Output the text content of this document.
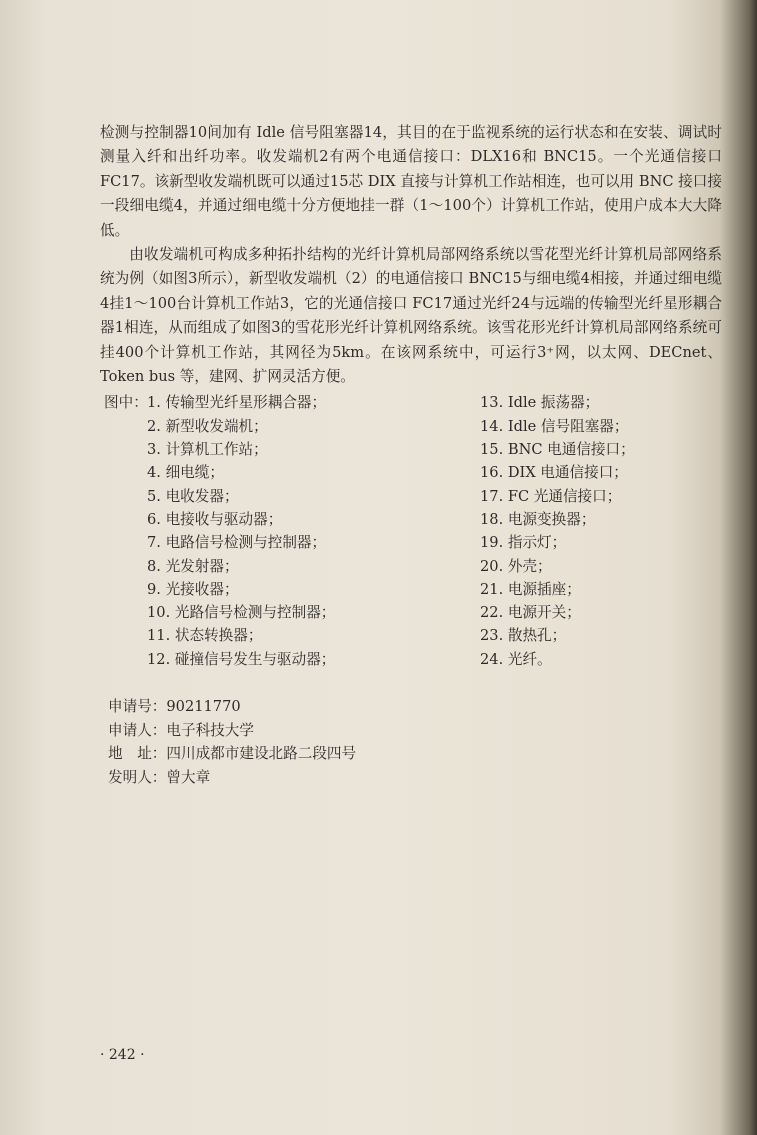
检测与控制器10间加有 Idle 信号阻塞器14，其目的在于监视系统的运行状态和在安装、调试时测量入纤和出纤功率。收发端机2有两个电通信接口：DLX16和 BNC15。一个光通信接口FC17。该新型收发端机既可以通过15芯 DIX 直接与计算机工作站相连，也可以用 BNC 接口接一段细电缆4，并通过细电缆十分方便地挂一群（1～100个）计算机工作站，使用户成本大大降低。

由收发端机可构成多种拓扑结构的光纤计算机局部网络系统以雪花型光纤计算机局部网络系统为例（如图3所示），新型收发端机（2）的电通信接口 BNC15与细电缆4相接，并通过细电缆4挂1～100台计算机工作站3，它的光通信接口 FC17通过光纤24与远端的传输型光纤星形耦合器1相连，从而组成了如图3的雪花形光纤计算机网络系统。该雪花形光纤计算机局部网络系统可挂400个计算机工作站，其网径为5km。在该网系统中，可运行3⁺网，以太网、DECnet、Token bus 等，建网、扩网灵活方便。

图中： 1. 传输型光纤星形耦合器；
2. 新型收发端机；
3. 计算机工作站；
4. 细电缆；
5. 电收发器；
6. 电接收与驱动器；
7. 电路信号检测与控制器；
8. 光发射器；
9. 光接收器；
10. 光路信号检测与控制器；
11. 状态转换器；
12. 碰撞信号发生与驱动器；
13. Idle 振荡器；
14. Idle 信号阻塞器；
15. BNC 电通信接口；
16. DIX 电通信接口；
17. FC 光通信接口；
18. 电源变换器；
19. 指示灯；
20. 外壳；
21. 电源插座；
22. 电源开关；
23. 散热孔；
24. 光纤。
申请号：90211770
申请人：电子科技大学
地　址：四川成都市建设北路二段四号
发明人：曾大章
· 242 ·
